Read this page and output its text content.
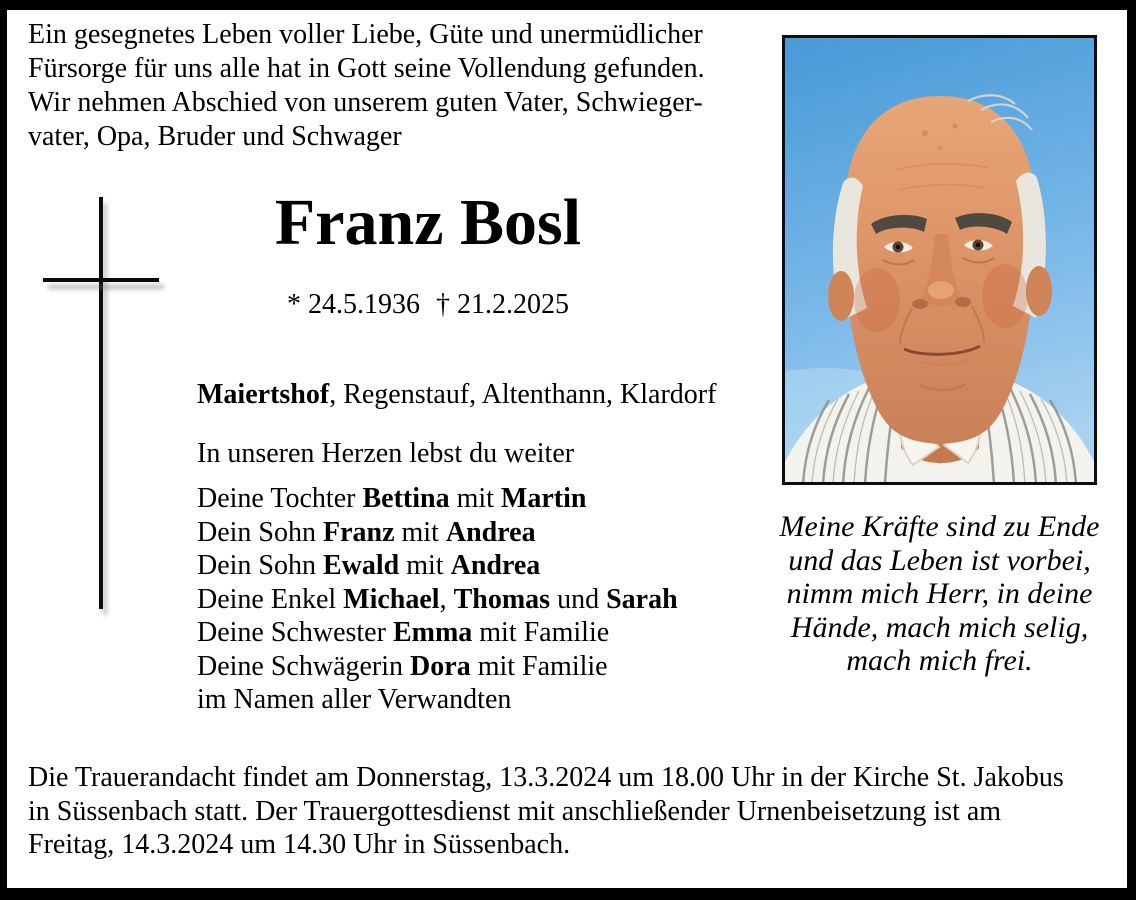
Ein gesegnetes Leben voller Liebe, Güte und unermüdlicher
Fürsorge für uns alle hat in Gott seine Vollendung gefunden.
Wir nehmen Abschied von unserem guten Vater, Schwieger-
vater, Opa, Bruder und Schwager
Franz Bosl
* 24.5.1936 † 21.2.2025
Maiertshof, Regenstauf, Altenthann, Klardorf
In unseren Herzen lebst du weiter
Deine Tochter Bettina mit Martin
Dein Sohn Franz mit Andrea
Dein Sohn Ewald mit Andrea
Deine Enkel Michael, Thomas und Sarah
Deine Schwester Emma mit Familie
Deine Schwägerin Dora mit Familie
im Namen aller Verwandten
Meine Kräfte sind zu Ende
und das Leben ist vorbei,
nimm mich Herr, in deine
Hände, mach mich selig,
mach mich frei.
Die Trauerandacht findet am Donnerstag, 13.3.2024 um 18.00 Uhr in der Kirche St. Jakobus
in Süssenbach statt. Der Trauergottesdienst mit anschließender Urnenbeisetzung ist am
Freitag, 14.3.2024 um 14.30 Uhr in Süssenbach.
